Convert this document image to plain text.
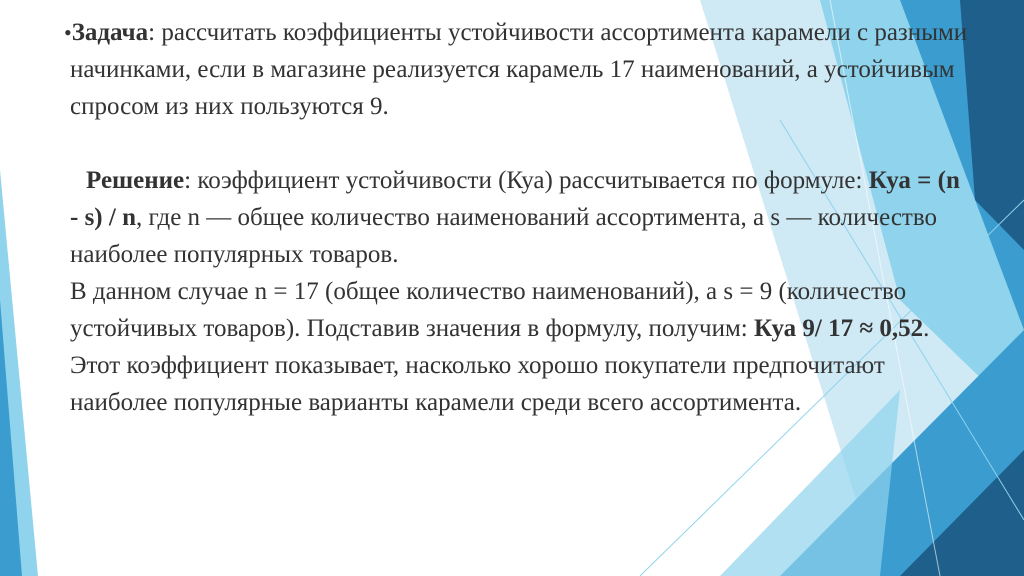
•Задача: рассчитать коэффициенты устойчивости ассортимента карамели с разными начинками, если в магазине реализуется карамель 17 наименований, а устойчивым спросом из них пользуются 9.

Решение: коэффициент устойчивости (Куа) рассчитывается по формуле: Куа = (n - s) / n, где n — общее количество наименований ассортимента, а s — количество наиболее популярных товаров.

В данном случае n = 17 (общее количество наименований), а s = 9 (количество устойчивых товаров). Подставив значения в формулу, получим: Куа 9/ 17 ≈ 0,52.

Этот коэффициент показывает, насколько хорошо покупатели предпочитают наиболее популярные варианты карамели среди всего ассортимента.
